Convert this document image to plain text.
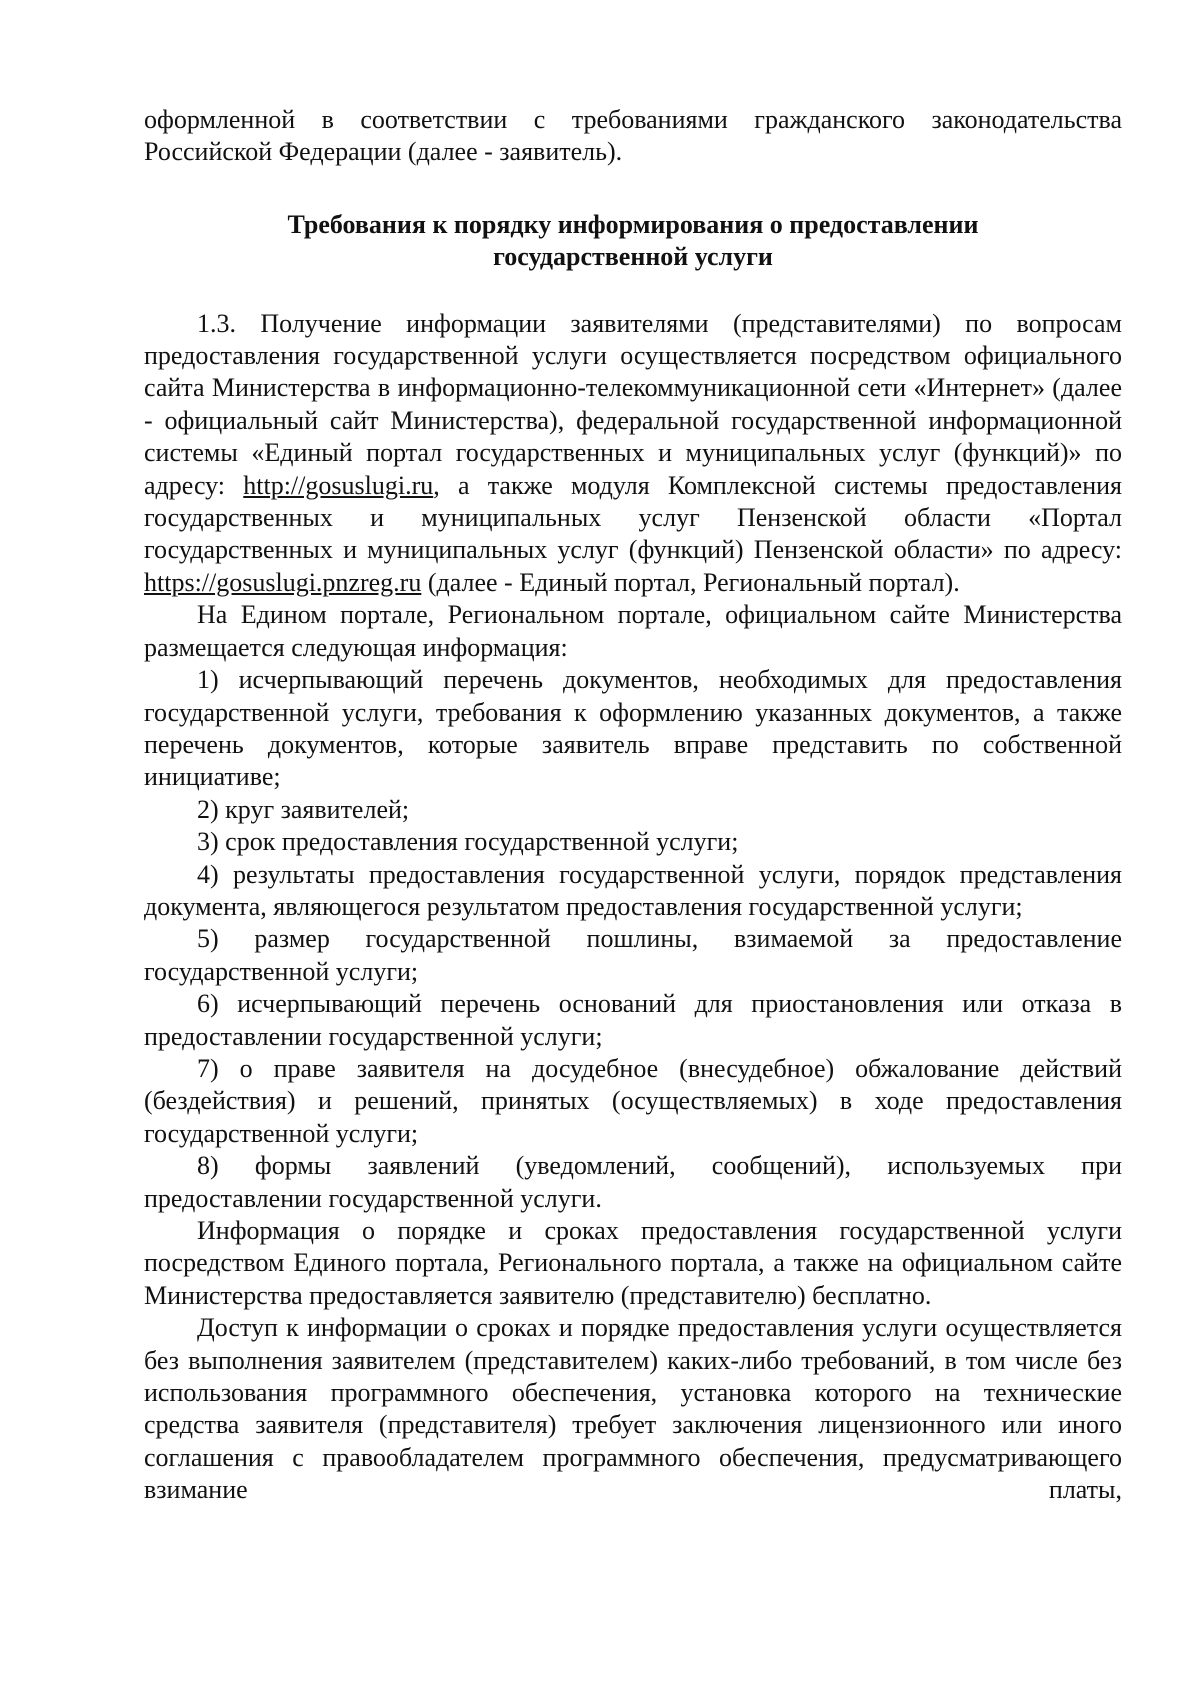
оформленной в соответствии с требованиями гражданского законодательства Российской Федерации (далее - заявитель).

Требования к порядку информирования о предоставлении
государственной услуги

1.3. Получение информации заявителями (представителями) по вопросам предоставления государственной услуги осуществляется посредством официального сайта Министерства в информационно-телекоммуникационной сети «Интернет» (далее - официальный сайт Министерства), федеральной государственной информационной системы «Единый портал государственных и муниципальных услуг (функций)» по адресу: http://gosuslugi.ru, а также модуля Комплексной системы предоставления государственных и муниципальных услуг Пензенской области «Портал государственных и муниципальных услуг (функций) Пензенской области» по адресу: https://gosuslugi.pnzreg.ru (далее - Единый портал, Региональный портал).

На Едином портале, Региональном портале, официальном сайте Министерства размещается следующая информация:

1) исчерпывающий перечень документов, необходимых для предоставления государственной услуги, требования к оформлению указанных документов, а также перечень документов, которые заявитель вправе представить по собственной инициативе;

2) круг заявителей;

3) срок предоставления государственной услуги;

4) результаты предоставления государственной услуги, порядок представления документа, являющегося результатом предоставления государственной услуги;

5) размер государственной пошлины, взимаемой за предоставление государственной услуги;

6) исчерпывающий перечень оснований для приостановления или отказа в предоставлении государственной услуги;

7) о праве заявителя на досудебное (внесудебное) обжалование действий (бездействия) и решений, принятых (осуществляемых) в ходе предоставления государственной услуги;

8) формы заявлений (уведомлений, сообщений), используемых при предоставлении государственной услуги.

Информация о порядке и сроках предоставления государственной услуги посредством Единого портала, Регионального портала, а также на официальном сайте Министерства предоставляется заявителю (представителю) бесплатно.

Доступ к информации о сроках и порядке предоставления услуги осуществляется без выполнения заявителем (представителем) каких-либо требований, в том числе без использования программного обеспечения, установка которого на технические средства заявителя (представителя) требует заключения лицензионного или иного соглашения с правообладателем программного обеспечения, предусматривающего взимание платы,
